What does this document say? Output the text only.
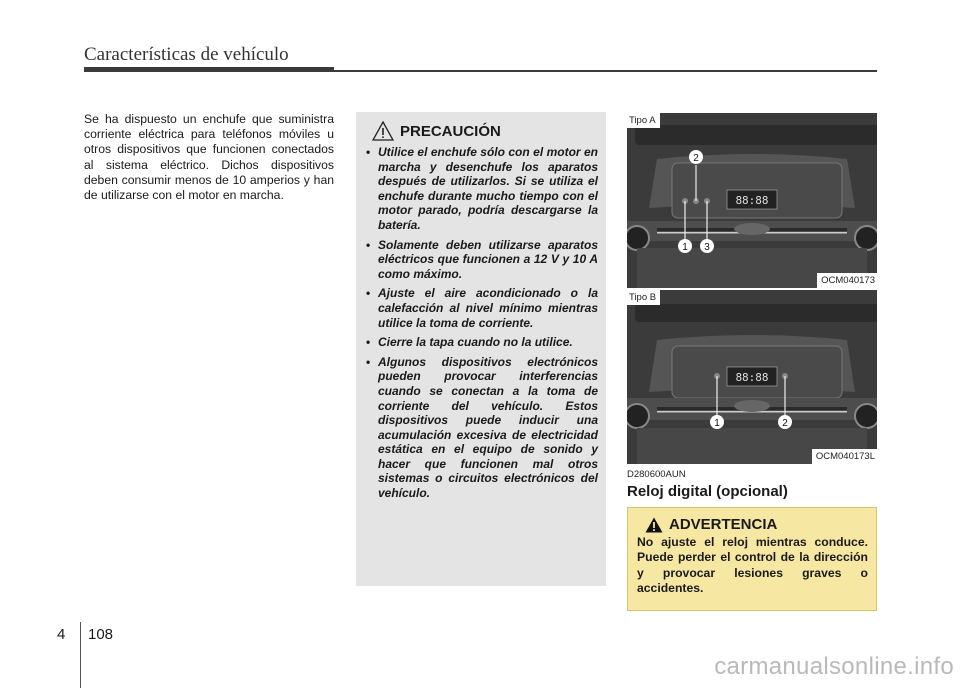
Características de vehículo

Se ha dispuesto un enchufe que suministra corriente eléctrica para teléfonos móviles u otros dispositivos que funcionen conectados al sistema eléctrico. Dichos dispositivos deben consumir menos de 10 amperios y han de utilizarse con el motor en marcha.

PRECAUCIÓN
• Utilice el enchufe sólo con el motor en marcha y desenchufe los aparatos después de utilizarlos. Si se utiliza el enchufe durante mucho tiempo con el motor parado, podría descargarse la batería.
• Solamente deben utilizarse aparatos eléctricos que funcionen a 12 V y 10 A como máximo.
• Ajuste el aire acondicionado o la calefacción al nivel mínimo mientras utilice la toma de corriente.
• Cierre la tapa cuando no la utilice.
• Algunos dispositivos electrónicos pueden provocar interferencias cuando se conectan a la toma de corriente del vehículo. Estos dispositivos puede inducir una acumulación excesiva de electricidad estática en el equipo de sonido y hacer que funcionen mal otros sistemas o circuitos electrónicos del vehículo.
88:88
2
1 3
Tipo A
OCM040173
88:88
1	2
Tipo B
OCM040173L
D280600AUN
Reloj digital (opcional)
ADVERTENCIA

No ajuste el reloj mientras conduce. Puede perder el control de la dirección y provocar lesiones graves o accidentes.

4 108
carmanualsonline.info
